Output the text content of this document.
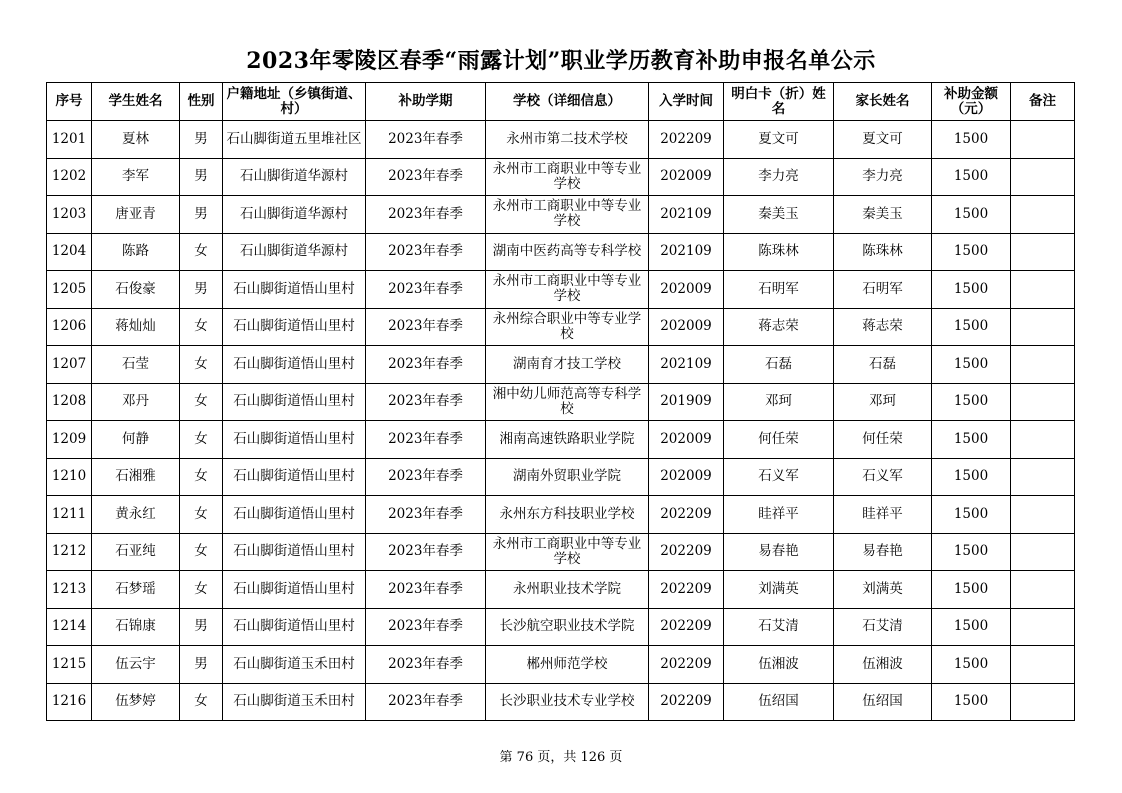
2023年零陵区春季“雨露计划”职业学历教育补助申报名单公示
序号	学生姓名	性别	户籍地址（乡镇街道、村）	补助学期	学校（详细信息）	入学时间	明白卡（折）姓名	家长姓名	补助金额（元）	备注
1201	夏林	男	石山脚街道五里堆社区	2023年春季	永州市第二技术学校	202209	夏文可	夏文可	1500	
1202	李军	男	石山脚街道华源村	2023年春季	永州市工商职业中等专业学校	202009	李力亮	李力亮	1500	
1203	唐亚青	男	石山脚街道华源村	2023年春季	永州市工商职业中等专业学校	202109	秦美玉	秦美玉	1500	
1204	陈路	女	石山脚街道华源村	2023年春季	湖南中医药高等专科学校	202109	陈珠林	陈珠林	1500	
1205	石俊豪	男	石山脚街道悟山里村	2023年春季	永州市工商职业中等专业学校	202009	石明军	石明军	1500	
1206	蒋灿灿	女	石山脚街道悟山里村	2023年春季	永州综合职业中等专业学校	202009	蒋志荣	蒋志荣	1500	
1207	石莹	女	石山脚街道悟山里村	2023年春季	湖南育才技工学校	202109	石磊	石磊	1500	
1208	邓丹	女	石山脚街道悟山里村	2023年春季	湘中幼儿师范高等专科学校	201909	邓珂	邓珂	1500	
1209	何静	女	石山脚街道悟山里村	2023年春季	湘南高速铁路职业学院	202009	何任荣	何任荣	1500	
1210	石湘雅	女	石山脚街道悟山里村	2023年春季	湖南外贸职业学院	202009	石义军	石义军	1500	
1211	黄永红	女	石山脚街道悟山里村	2023年春季	永州东方科技职业学校	202209	眭祥平	眭祥平	1500	
1212	石亚纯	女	石山脚街道悟山里村	2023年春季	永州市工商职业中等专业学校	202209	易春艳	易春艳	1500	
1213	石梦瑶	女	石山脚街道悟山里村	2023年春季	永州职业技术学院	202209	刘满英	刘满英	1500	
1214	石锦康	男	石山脚街道悟山里村	2023年春季	长沙航空职业技术学院	202209	石艾清	石艾清	1500	
1215	伍云宇	男	石山脚街道玉禾田村	2023年春季	郴州师范学校	202209	伍湘波	伍湘波	1500	
1216	伍梦婷	女	石山脚街道玉禾田村	2023年春季	长沙职业技术专业学校	202209	伍绍国	伍绍国	1500	
第 76 页，共 126 页
